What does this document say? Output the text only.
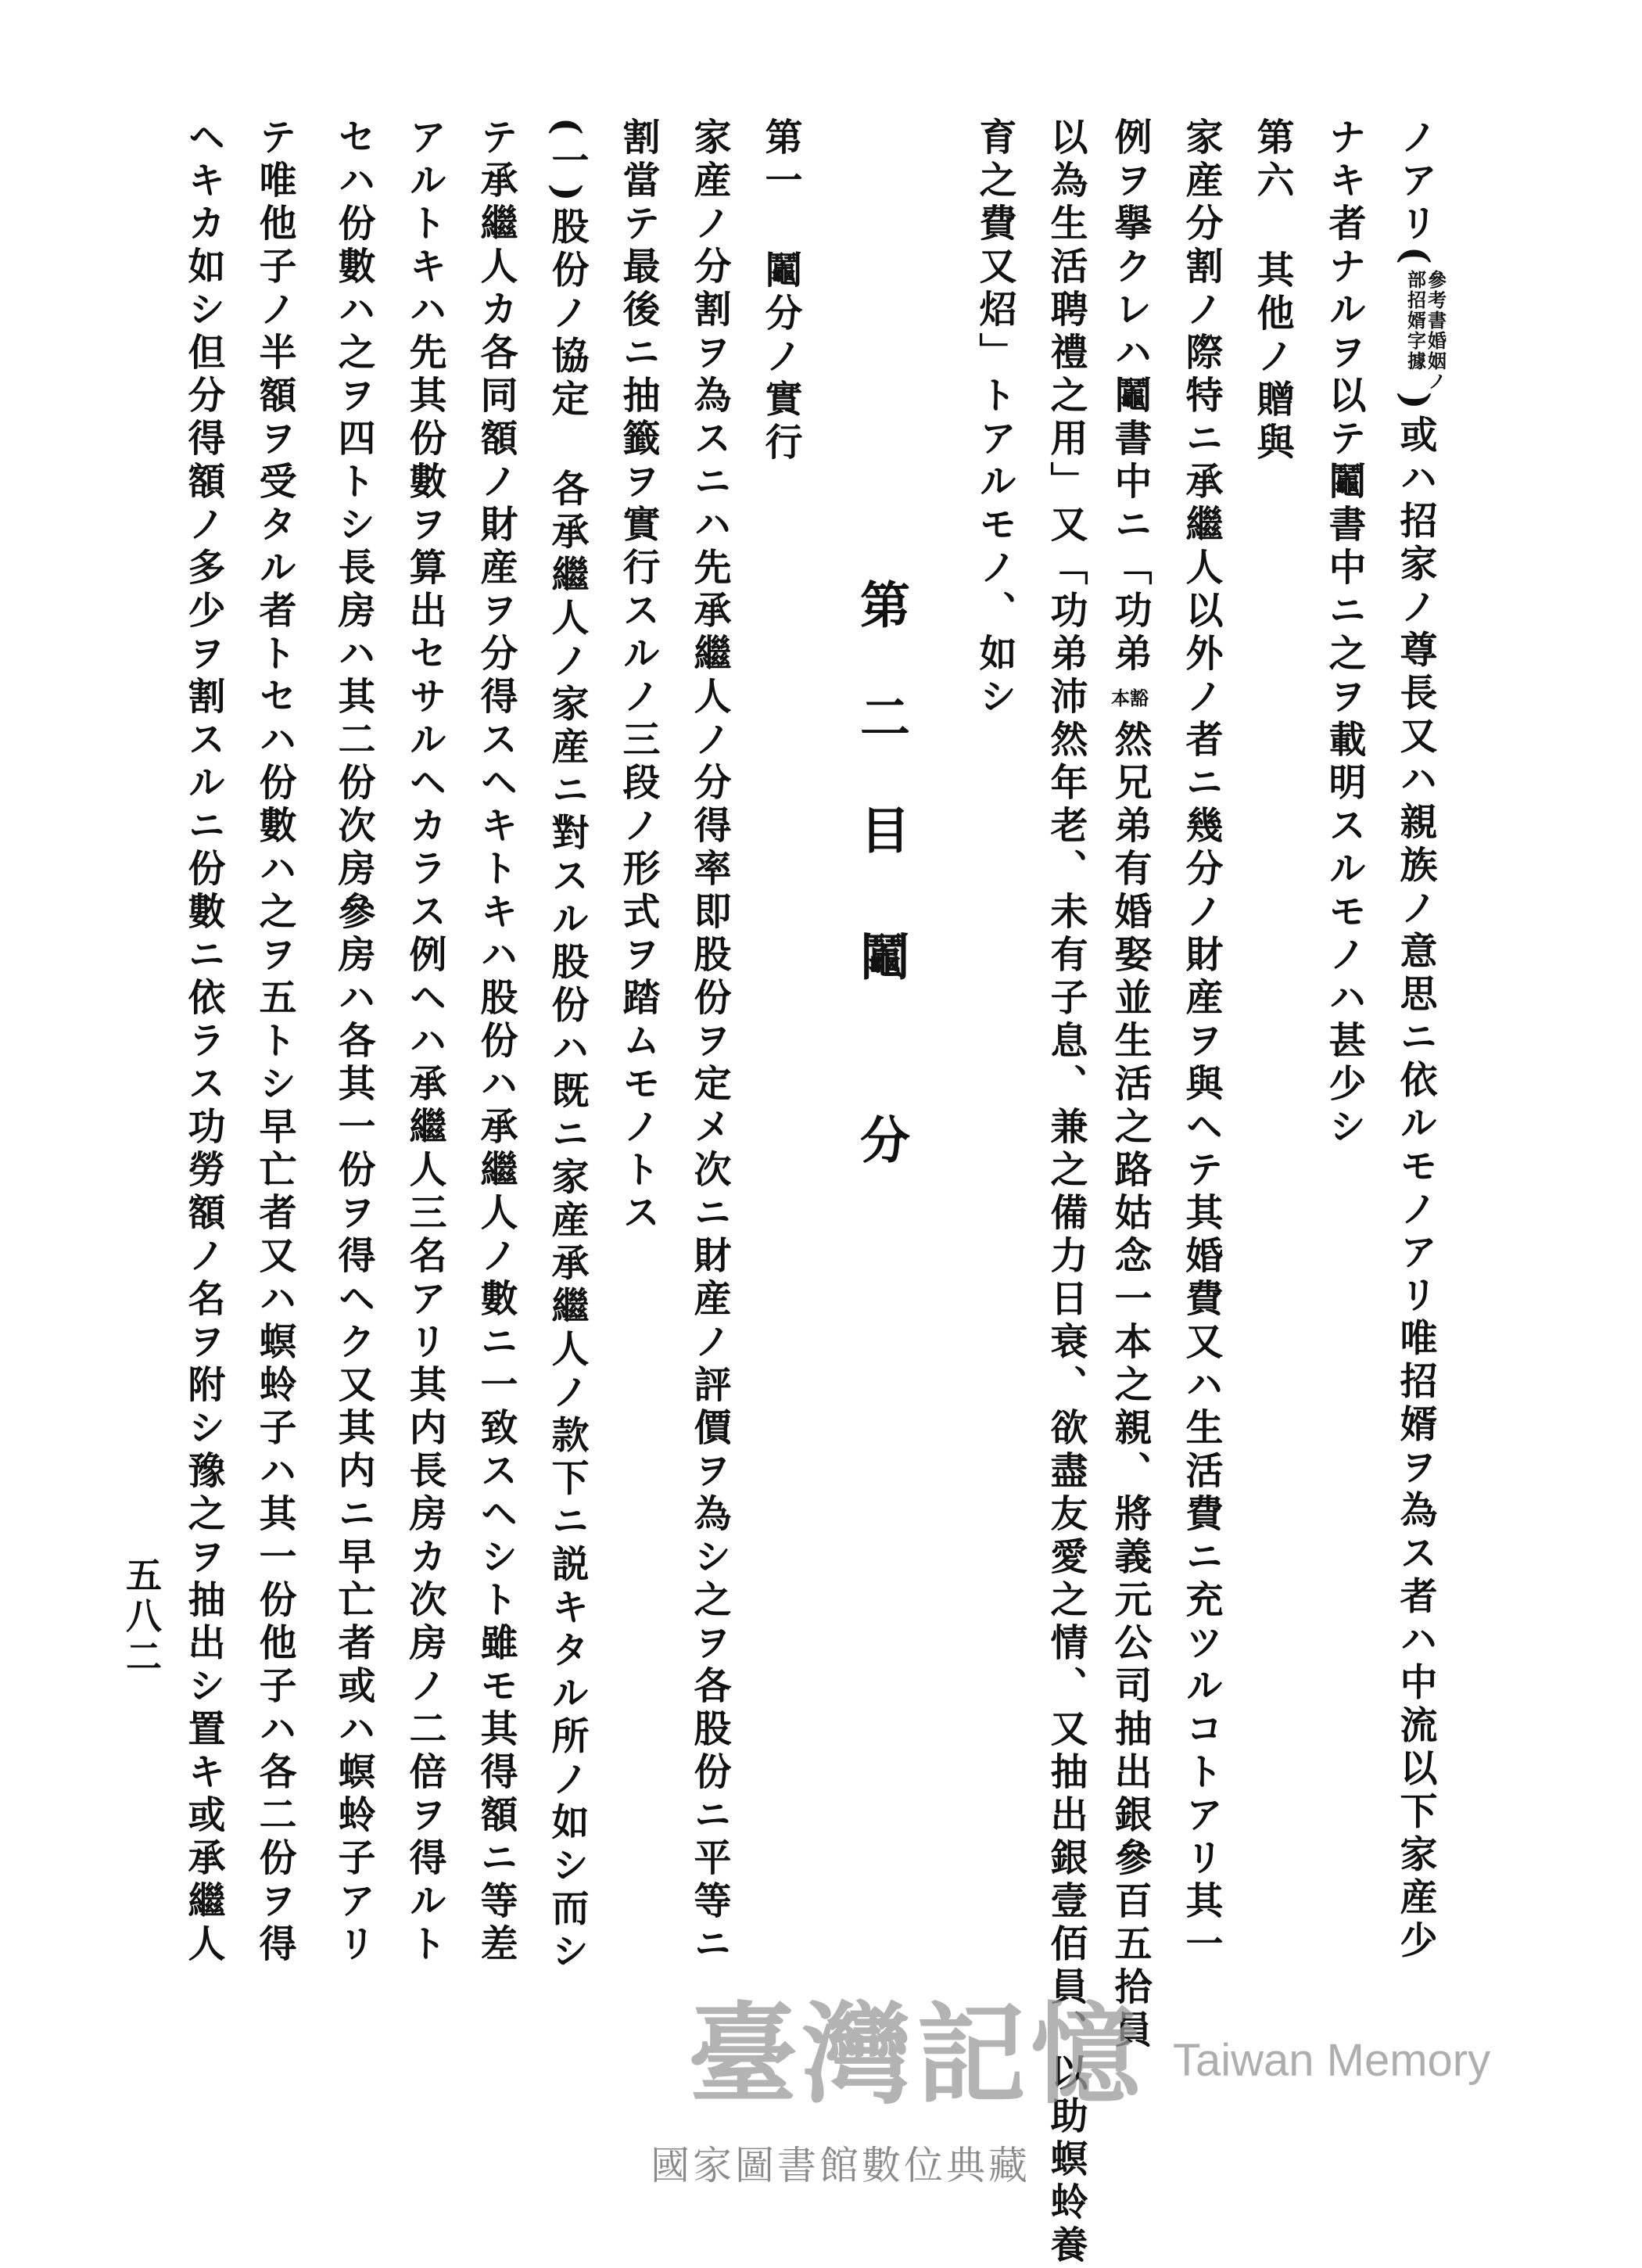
ノアリ(
參考書婚姻ノ
部招婿字據
)或ハ招家ノ尊長又ハ親族ノ意思ニ依ルモノアリ唯招婿ヲ為ス者ハ中流以下家産少
ナキ者ナルヲ以テ鬮書中ニ之ヲ載明スルモノハ甚少シ
第六其他ノ贈與
家産分割ノ際特ニ承繼人以外ノ者ニ幾分ノ財産ヲ與ヘテ其婚費又ハ生活費ニ充ツルコトアリ其一
例ヲ擧クレハ鬮書中ニ「功弟本豁然兄弟有婚娶並生活之路姑念一本之親、將義元公司抽出銀參百五拾員
以為生活聘禮之用」又「功弟沛然年老、未有子息、兼之備力日衰、欲盡友愛之情、又抽出銀壹佰員、以助螟蛉養
育之費又炤」トアルモノ、如シ
第二目
鬮分
第一鬮分ノ實行
家産ノ分割ヲ為スニハ先承繼人ノ分得率即股份ヲ定メ次ニ財産ノ評價ヲ為シ之ヲ各股份ニ平等ニ
割當テ最後ニ抽籤ヲ實行スルノ三段ノ形式ヲ踏ムモノトス
(一)股份ノ協定各承繼人ノ家産ニ對スル股份ハ既ニ家産承繼人ノ款下ニ説キタル所ノ如シ而シ
テ承繼人カ各同額ノ財産ヲ分得スヘキトキハ股份ハ承繼人ノ數ニ一致スヘシト雖モ其得額ニ等差
アルトキハ先其份數ヲ算出セサルヘカラス例ヘハ承繼人三名アリ其内長房カ次房ノ二倍ヲ得ルト
セハ份數ハ之ヲ四トシ長房ハ其二份次房參房ハ各其一份ヲ得ヘク又其内ニ早亡者或ハ螟蛉子アリ
テ唯他子ノ半額ヲ受タル者トセハ份數ハ之ヲ五トシ早亡者又ハ螟蛉子ハ其一份他子ハ各二份ヲ得
ヘキカ如シ但分得額ノ多少ヲ割スルニ份數ニ依ラス功勞額ノ名ヲ附シ豫之ヲ抽出シ置キ或承繼人
五八二
臺灣記憶 Taiwan Memory
國家圖書館數位典藏
